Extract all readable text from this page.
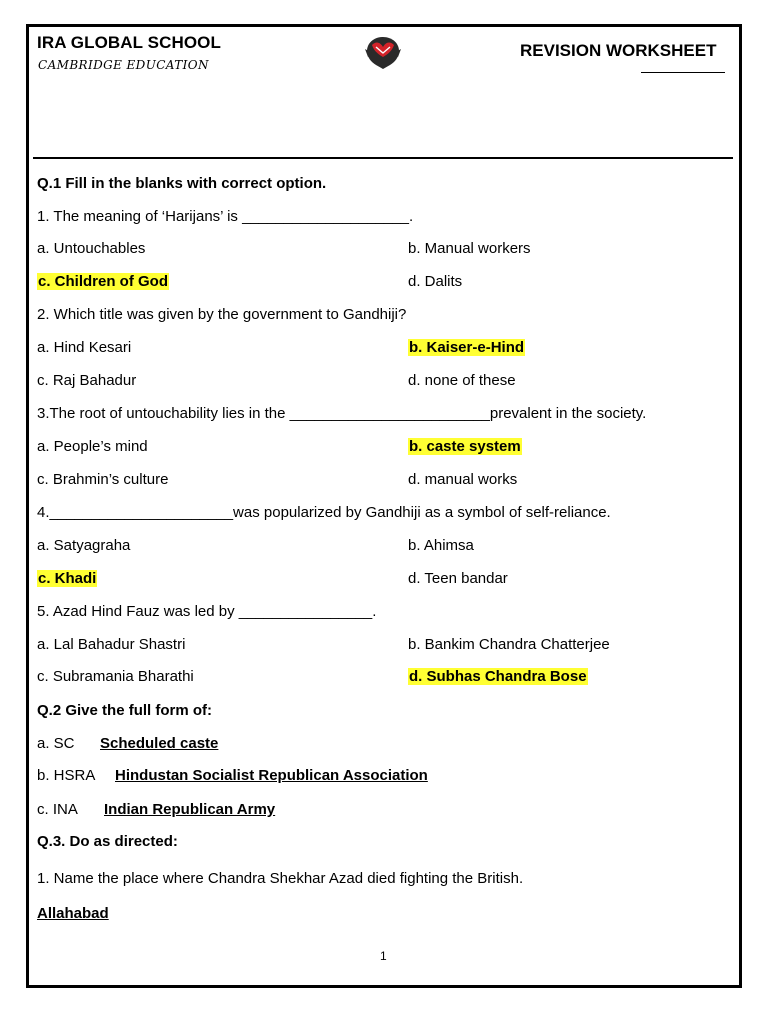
IRA GLOBAL SCHOOL
CAMBRIDGE EDUCATION
REVISION WORKSHEET
Q.1 Fill in the blanks with correct option.
1. The meaning of ‘Harijans’ is ____________________.
a. Untouchables	b. Manual workers
c. Children of God	d. Dalits
2. Which title was given by the government to Gandhiji?
a. Hind Kesari	b. Kaiser-e-Hind
c. Raj Bahadur	d. none of these
3.The root of untouchability lies in the ________________________prevalent in the society.
a. People’s mind	b. caste system
c. Brahmin’s culture	d. manual works
4.______________________was popularized by Gandhiji as a symbol of self-reliance.
a. Satyagraha	b. Ahimsa
c. Khadi	d. Teen bandar
5. Azad Hind Fauz was led by ________________.
a. Lal Bahadur Shastri	b. Bankim Chandra Chatterjee
c. Subramania Bharathi	d. Subhas Chandra Bose
Q.2 Give the full form of:
a. SC Scheduled caste
b. HSRA Hindustan Socialist Republican Association
c. INA Indian Republican Army
Q.3. Do as directed:
1. Name the place where Chandra Shekhar Azad died fighting the British.
Allahabad
1
